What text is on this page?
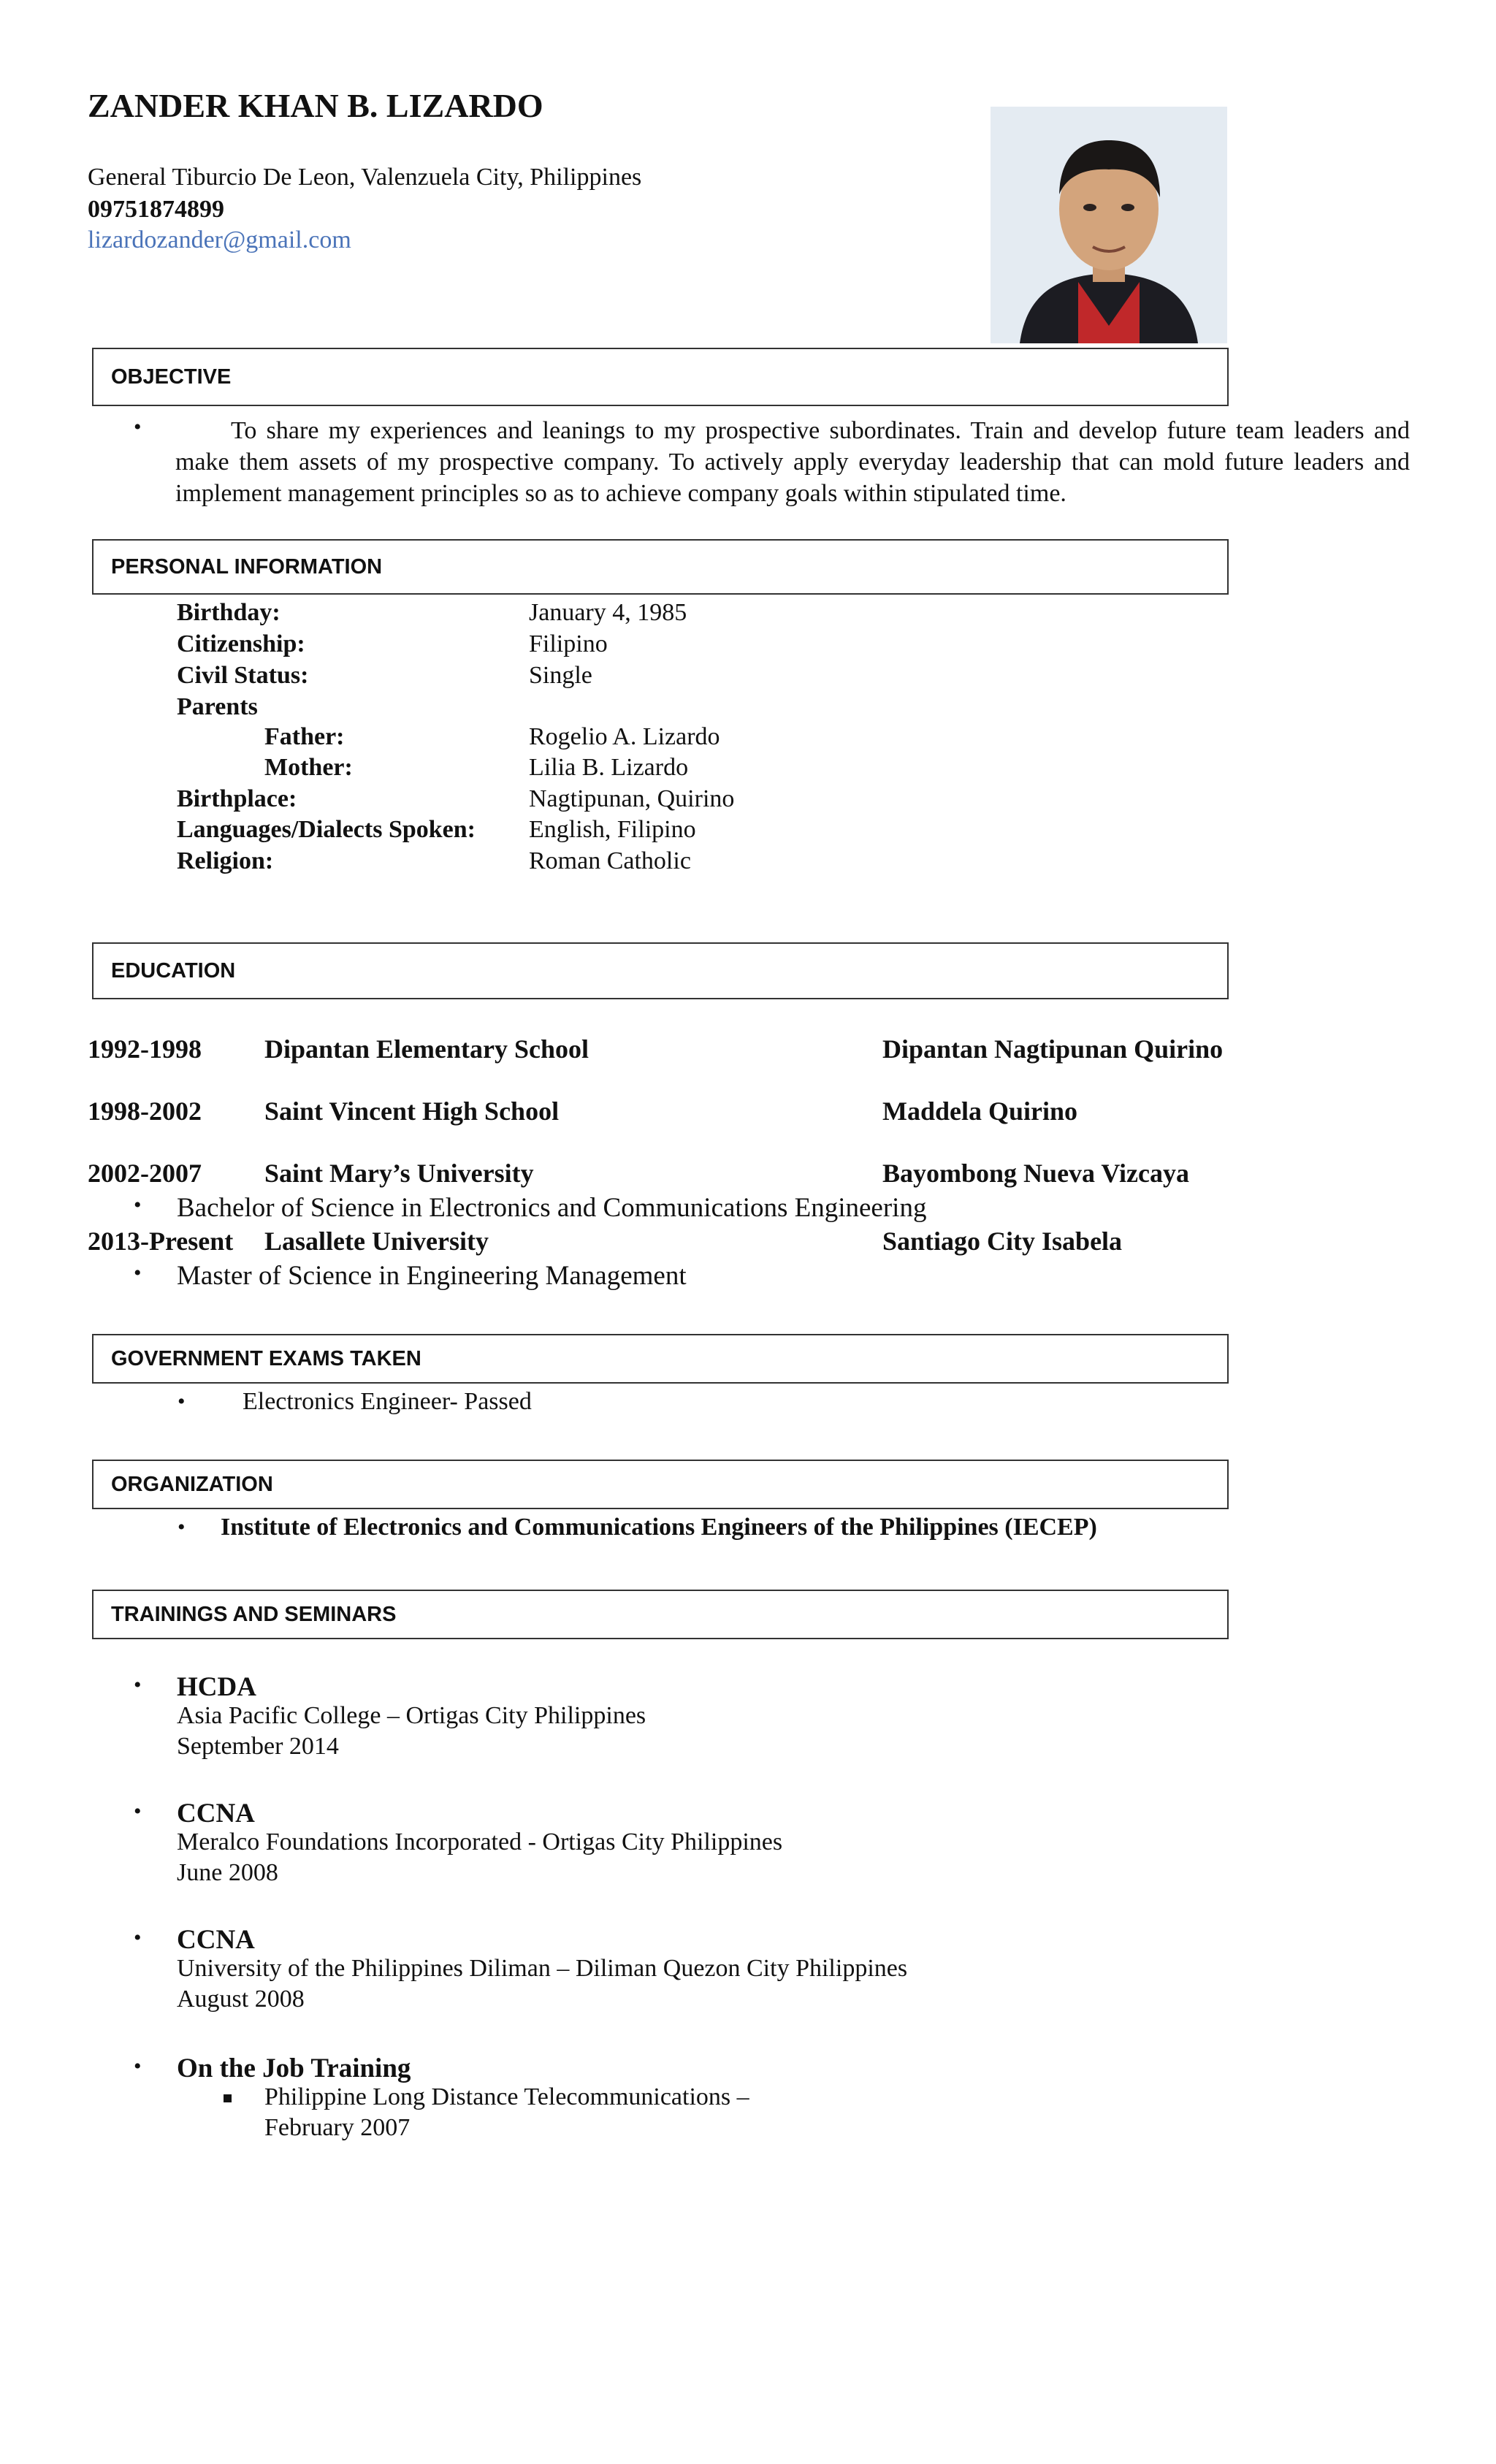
ZANDER KHAN B. LIZARDO
General Tiburcio De Leon, Valenzuela City, Philippines
09751874899
lizardozander@gmail.com
OBJECTIVE
•	To share my experiences and leanings to my prospective subordinates. Train and develop future team leaders and make them assets of my prospective company. To actively apply everyday leadership that can mold future leaders and implement management principles so as to achieve company goals within stipulated time.
PERSONAL INFORMATION
Birthday:	January 4, 1985
Citizenship:	Filipino
Civil Status:	Single
Parents
Father:	Rogelio A. Lizardo
Mother:	Lilia B. Lizardo
Birthplace:	Nagtipunan, Quirino
Languages/Dialects Spoken: English, Filipino
Religion:	Roman Catholic
EDUCATION
1992-1998 Dipantan Elementary School	Dipantan Nagtipunan Quirino
1998-2002 Saint Vincent High School	Maddela Quirino
2002-2007 Saint Mary’s University	Bayombong Nueva Vizcaya
• Bachelor of Science in Electronics and Communications Engineering
2013-Present Lasallete University	Santiago City Isabela
• Master of Science in Engineering Management
GOVERNMENT EXAMS TAKEN
• Electronics Engineer- Passed
ORGANIZATION
• Institute of Electronics and Communications Engineers of the Philippines (IECEP)
TRAININGS AND SEMINARS
• HCDA
Asia Pacific College – Ortigas City Philippines
September 2014
• CCNA
Meralco Foundations Incorporated - Ortigas City Philippines
June 2008
• CCNA
University of the Philippines Diliman – Diliman Quezon City Philippines
August 2008
• On the Job Training
Philippine Long Distance Telecommunications –
February 2007
